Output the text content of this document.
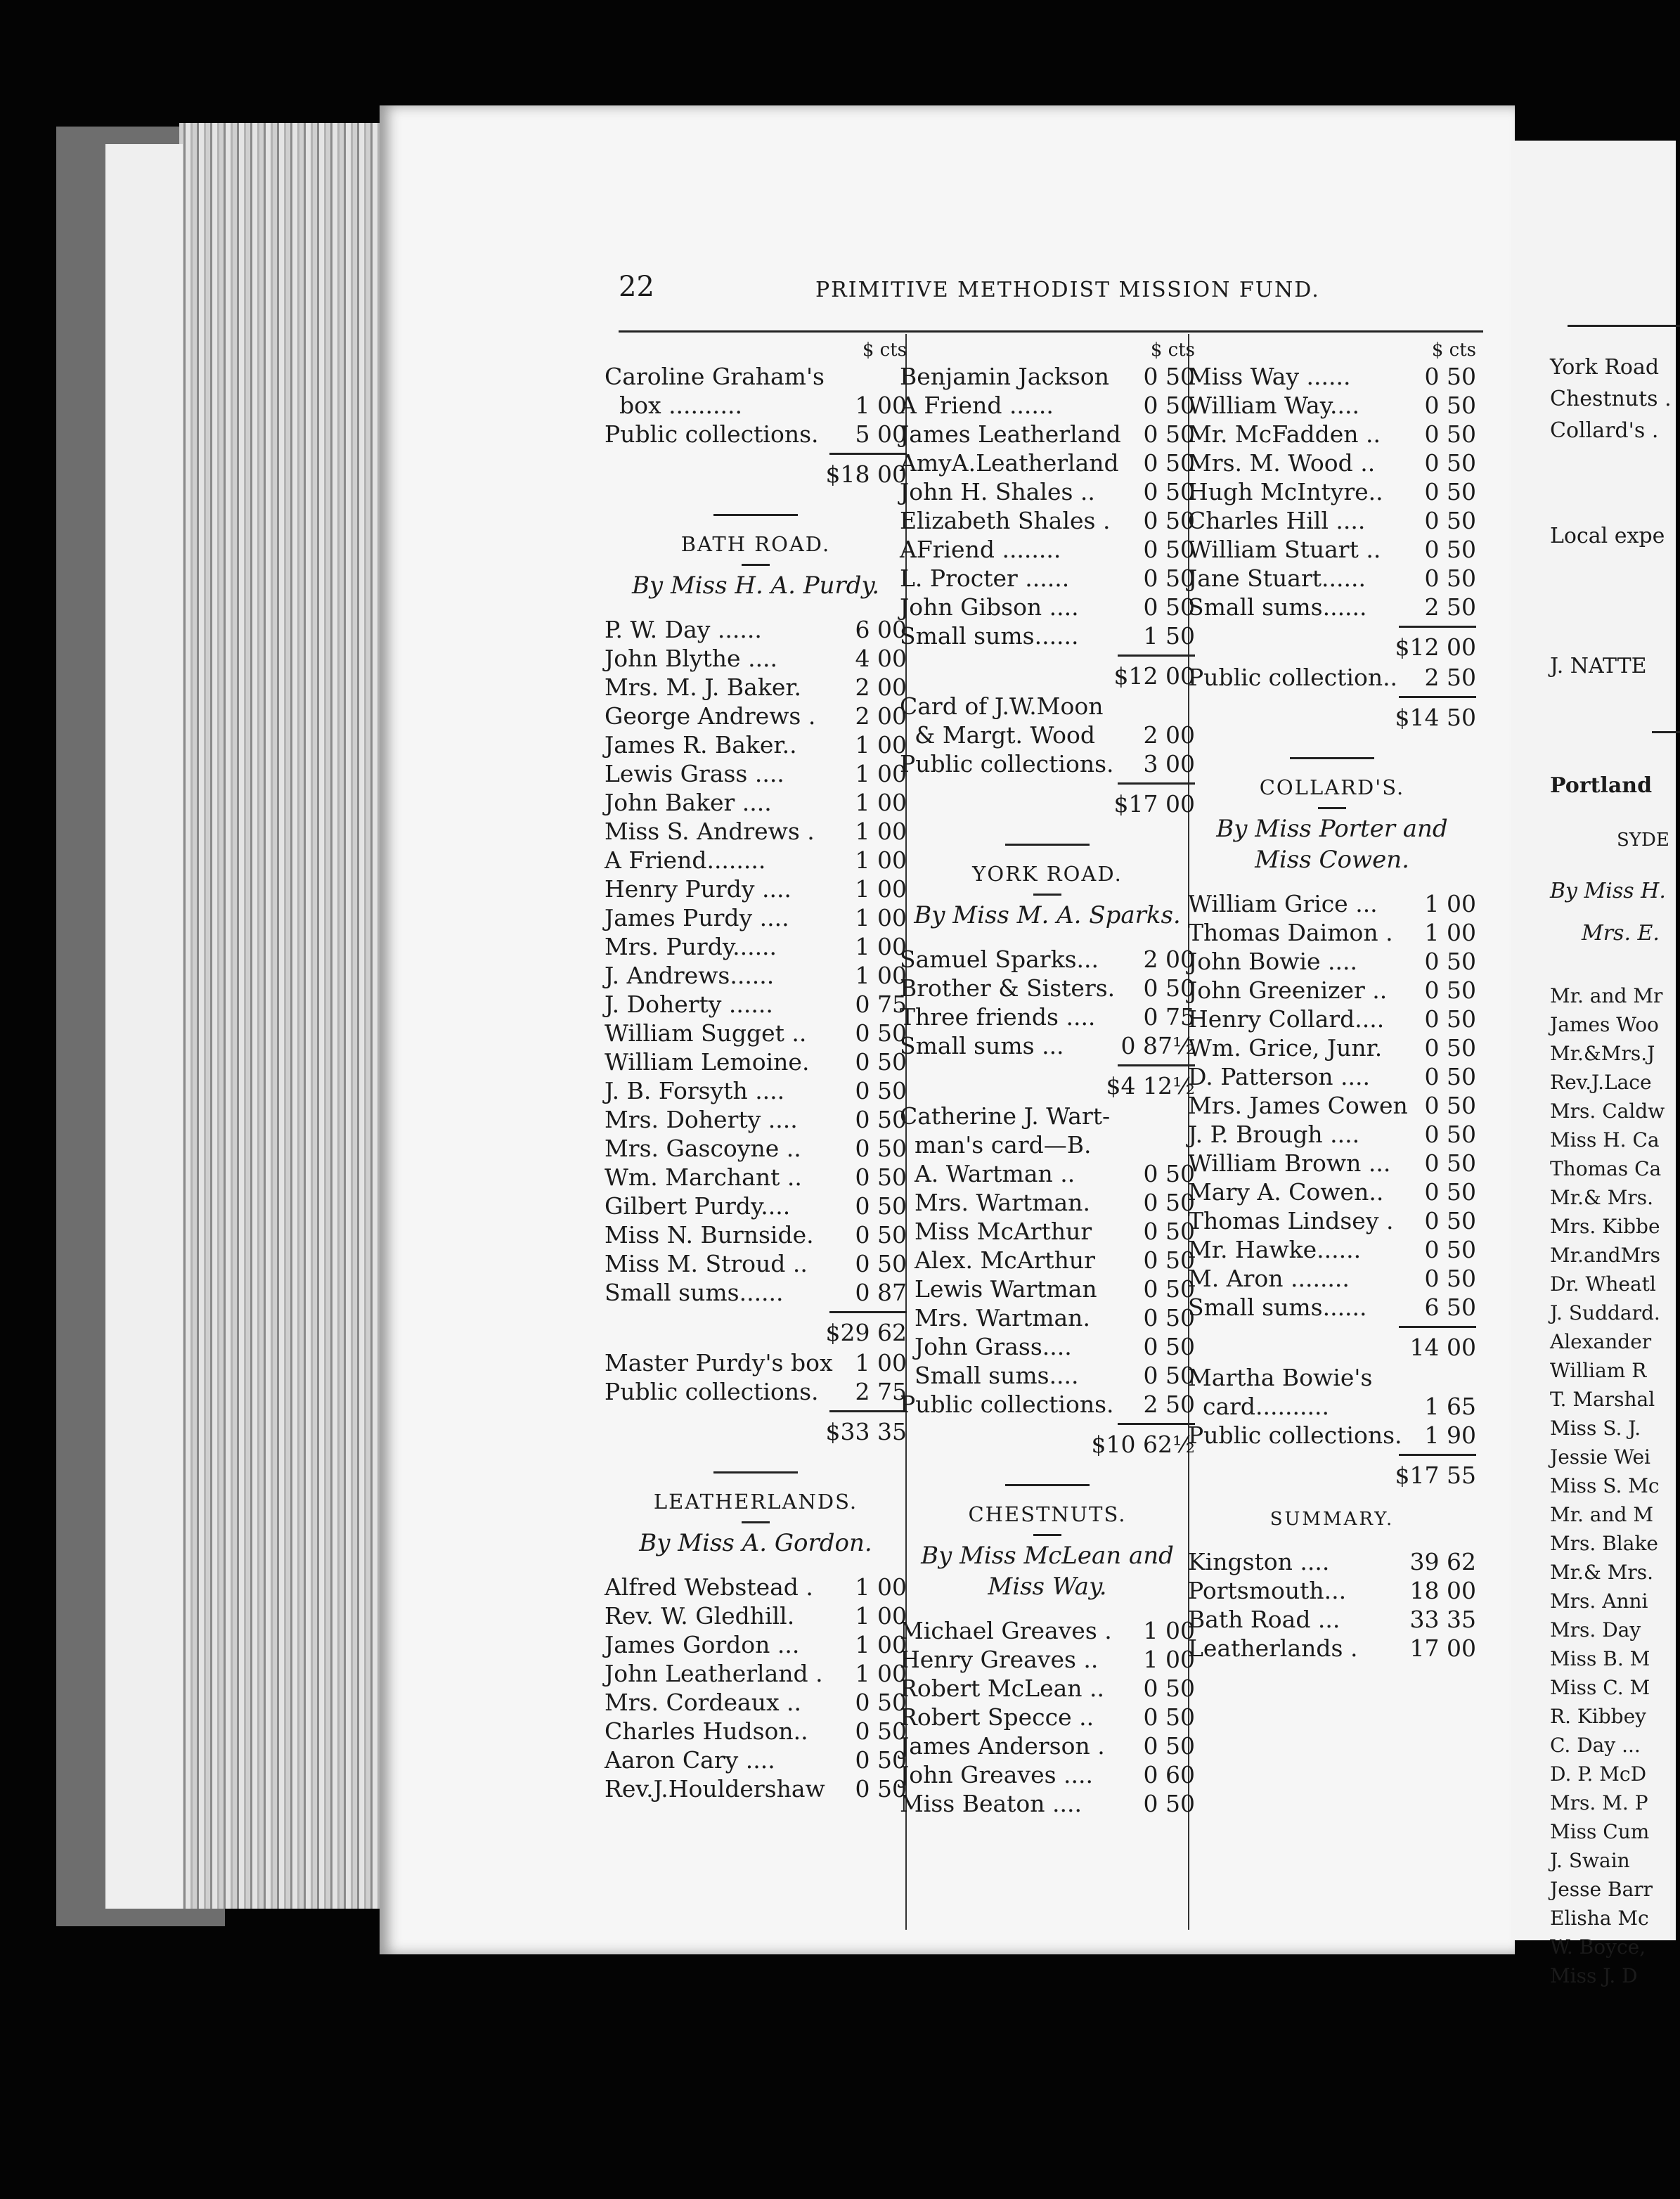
22	PRIMITIVE METHODIST MISSION FUND.
$ cts
Caroline Graham's
box ..........	1 00
Public collections.	5 00
$18 00
BATH ROAD.
By Miss H. A. Purdy.
P. W. Day ......	6 00
John Blythe ....	4 00
Mrs. M. J. Baker.	2 00
George Andrews .	2 00
James R. Baker..	1 00
Lewis Grass ....	1 00
John Baker ....	1 00
Miss S. Andrews .	1 00
A Friend........	1 00
Henry Purdy ....	1 00
James Purdy ....	1 00
Mrs. Purdy......	1 00
J. Andrews......	1 00
J. Doherty ......	0 75
William Sugget ..	0 50
William Lemoine.	0 50
J. B. Forsyth ....	0 50
Mrs. Doherty ....	0 50
Mrs. Gascoyne ..	0 50
Wm. Marchant ..	0 50
Gilbert Purdy....	0 50
Miss N. Burnside.	0 50
Miss M. Stroud ..	0 50
Small sums......	0 87
$29 62
Master Purdy's box 1 00
Public collections.	2 75
$33 35
LEATHERLANDS.
By Miss A. Gordon.
Alfred Webstead .	1 00
Rev. W. Gledhill.	1 00
James Gordon ...	1 00
John Leatherland .	1 00
Mrs. Cordeaux ..	0 50
Charles Hudson..	0 50
Aaron Cary ....	0 50
Rev.J.Houldershaw	0 50
$ cts
Benjamin Jackson	0 50
A Friend ......	0 50
James Leatherland 0 50
AmyA.Leatherland	0 50
John H. Shales ..	0 50
Elizabeth Shales .	0 50
AFriend ........	0 50
L. Procter ......	0 50
John Gibson ....	0 50
Small sums......	1 50
$12 00
Card of J.W.Moon
& Margt. Wood	2 00
Public collections.	3 00
$17 00
YORK ROAD.
By Miss M. A. Sparks.
Samuel Sparks...	2 00
Brother & Sisters.	0 50
Three friends ....	0 75
Small sums ...	0 87½
$4 12½
Catherine J. Wart-
man's card—B.
A. Wartman ..	0 50
Mrs. Wartman.	0 50
Miss McArthur	0 50
Alex. McArthur	0 50
Lewis Wartman	0 50
Mrs. Wartman.	0 50
John Grass....	0 50
Small sums....	0 50
Public collections.	2 50
$10 62½
CHESTNUTS.
By Miss McLean and
Miss Way.
Michael Greaves .	1 00
Henry Greaves ..	1 00
Robert McLean ..	0 50
Robert Specce ..	0 50
James Anderson .	0 50
John Greaves ....	0 60
Miss Beaton ....	0 50
$ cts
Miss Way ......	0 50
William Way....	0 50
Mr. McFadden ..	0 50
Mrs. M. Wood ..	0 50
Hugh McIntyre..	0 50
Charles Hill ....	0 50
William Stuart ..	0 50
Jane Stuart......	0 50
Small sums......	2 50
$12 00
Public collection..	2 50
$14 50
COLLARD'S.
By Miss Porter and
Miss Cowen.
William Grice ...	1 00
Thomas Daimon .	1 00
John Bowie ....	0 50
John Greenizer ..	0 50
Henry Collard....	0 50
Wm. Grice, Junr.	0 50
D. Patterson ....	0 50
Mrs. James Cowen 0 50
J. P. Brough ....	0 50
William Brown ...	0 50
Mary A. Cowen..	0 50
Thomas Lindsey .	0 50
Mr. Hawke......	0 50
M. Aron ........	0 50
Small sums......	6 50
14 00
Martha Bowie's
card..........	1 65
Public collections. 1 90
$17 55
SUMMARY.
Kingston ....	39 62
Portsmouth...	18 00
Bath Road ...	33 35
Leatherlands .	17 00
York Road
Chestnuts .
Collard's .
Local expe
J. NATTE
Portland
SYDE
By Miss H.
Mrs. E.
Mr. and Mr
James Woo
Mr.&Mrs.J
Rev.J.Lace
Mrs. Caldw
Miss H. Ca
Thomas Ca
Mr.& Mrs.
Mrs. Kibbe
Mr.andMrs
Dr. Wheatl
J. Suddard.
Alexander
William R
T. Marshal
Miss S. J.
Jessie Wei
Miss S. Mc
Mr. and M
Mrs. Blake
Mr.& Mrs.
Mrs. Anni
Mrs. Day
Miss B. M
Miss C. M
R. Kibbey
C. Day ...
D. P. McD
Mrs. M. P
Miss Cum
J. Swain
Jesse Barr
Elisha Mc
W. Boyce,
Miss J. D
